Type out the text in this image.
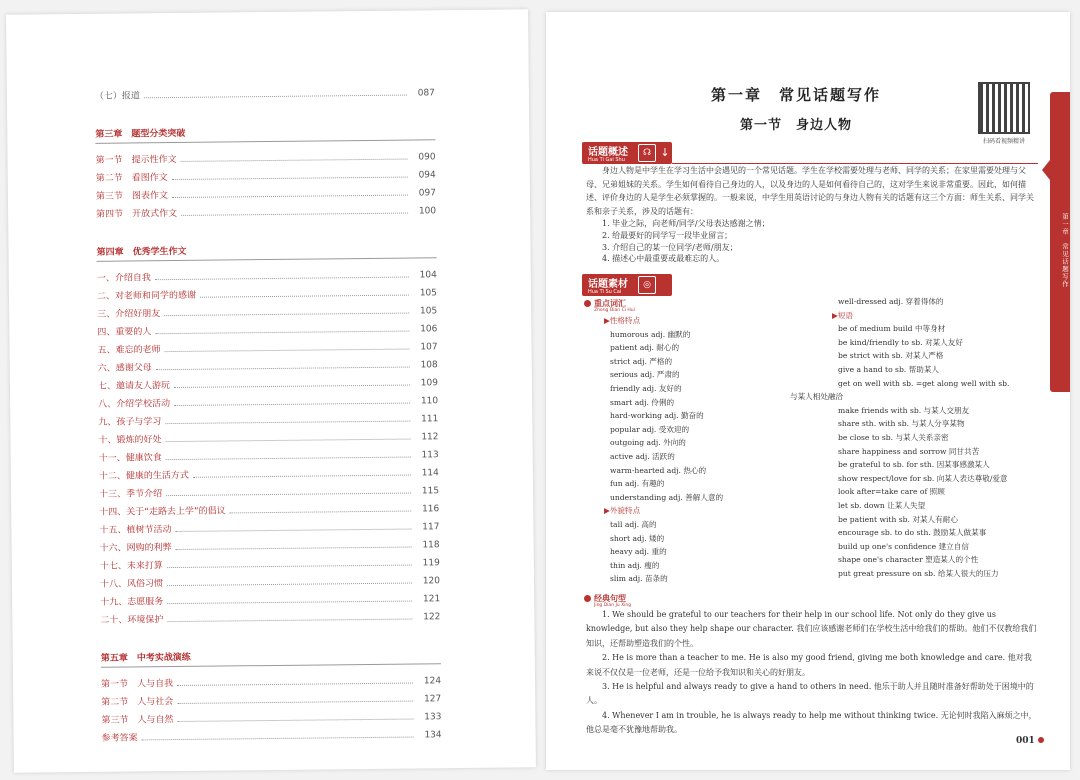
（七）报道	087
第三章　题型分类突破
第一节　提示性作文	090
第二节　看图作文	094
第三节　图表作文	097
第四节　开放式作文	100
第四章　优秀学生作文
一、介绍自我	104
二、对老师和同学的感谢	105
三、介绍好朋友	105
四、重要的人	106
五、难忘的老师	107
六、感谢父母	108
七、邀请友人游玩	109
八、介绍学校活动	110
九、孩子与学习	111
十、锻炼的好处	112
十一、健康饮食	113
十二、健康的生活方式	114
十三、季节介绍	115
十四、关于“走路去上学”的倡议	116
十五、植树节活动	117
十六、网购的利弊	118
十七、未来打算	119
十八、风俗习惯	120
十九、志愿服务	121
二十、环境保护	122
第五章　中考实战演练
第一节　人与自我	124
第二节　人与社会	127
第三节　人与自然	133
参考答案	134
第一章　常见话题写作
第一节　身边人物
扫码看视频精讲
第一章　常见话题写作
话题概述
Hua Ti Gai Shu
☊ ↓
身边人物是中学生在学习生活中会遇见的一个常见话题。学生在学校需要处理与老师、同学的关系；在家里需要处理与父母、兄弟姐妹的关系。学生如何看待自己身边的人，以及身边的人是如何看待自己的，这对学生来说非常重要。因此，如何描述、评价身边的人是学生必须掌握的。一般来说，中学生用英语讨论的与身边人物有关的话题有这三个方面：师生关系、同学关系和亲子关系，涉及的话题有：
1. 毕业之际，向老师/同学/父母表达感谢之情；
2. 给最要好的同学写一段毕业留言；
3. 介绍自己的某一位同学/老师/朋友；
4. 描述心中最重要或最难忘的人。
话题素材
Hua Ti Su Cai
◎
重点词汇
Zhong Dian Ci Hui
▶性格特点
humorous adj. 幽默的
patient adj. 耐心的
strict adj. 严格的
serious adj. 严肃的
friendly adj. 友好的
smart adj. 伶俐的
hard-working adj. 勤奋的
popular adj. 受欢迎的
outgoing adj. 外向的
active adj. 活跃的
warm-hearted adj. 热心的
fun adj. 有趣的
understanding adj. 善解人意的
▶外貌特点
tall adj. 高的
short adj. 矮的
heavy adj. 重的
thin adj. 瘦的
slim adj. 苗条的
well-dressed adj. 穿着得体的
▶短语
be of medium build 中等身材
be kind/friendly to sb. 对某人友好
be strict with sb. 对某人严格
give a hand to sb. 帮助某人
get on well with sb. =get along well with sb.
与某人相处融洽
make friends with sb. 与某人交朋友
share sth. with sb. 与某人分享某物
be close to sb. 与某人关系亲密
share happiness and sorrow 同甘共苦
be grateful to sb. for sth. 因某事感激某人
show respect/love for sb. 向某人表达尊敬/爱意
look after=take care of 照顾
let sb. down 让某人失望
be patient with sb. 对某人有耐心
encourage sb. to do sth. 鼓励某人做某事
build up one's confidence 建立自信
shape one's character 塑造某人的个性
put great pressure on sb. 给某人很大的压力
经典句型
Jing Dian Ju Xing
1. We should be grateful to our teachers for their help in our school life. Not only do they give us knowledge, but also they help shape our character. 我们应该感谢老师们在学校生活中给我们的帮助。他们不仅教给我们知识，还帮助塑造我们的个性。
2. He is more than a teacher to me. He is also my good friend, giving me both knowledge and care. 他对我来说不仅仅是一位老师，还是一位给予我知识和关心的好朋友。
3. He is helpful and always ready to give a hand to others in need. 他乐于助人并且随时准备好帮助处于困境中的人。
4. Whenever I am in trouble, he is always ready to help me without thinking twice. 无论何时我陷入麻烦之中，他总是毫不犹豫地帮助我。
001
